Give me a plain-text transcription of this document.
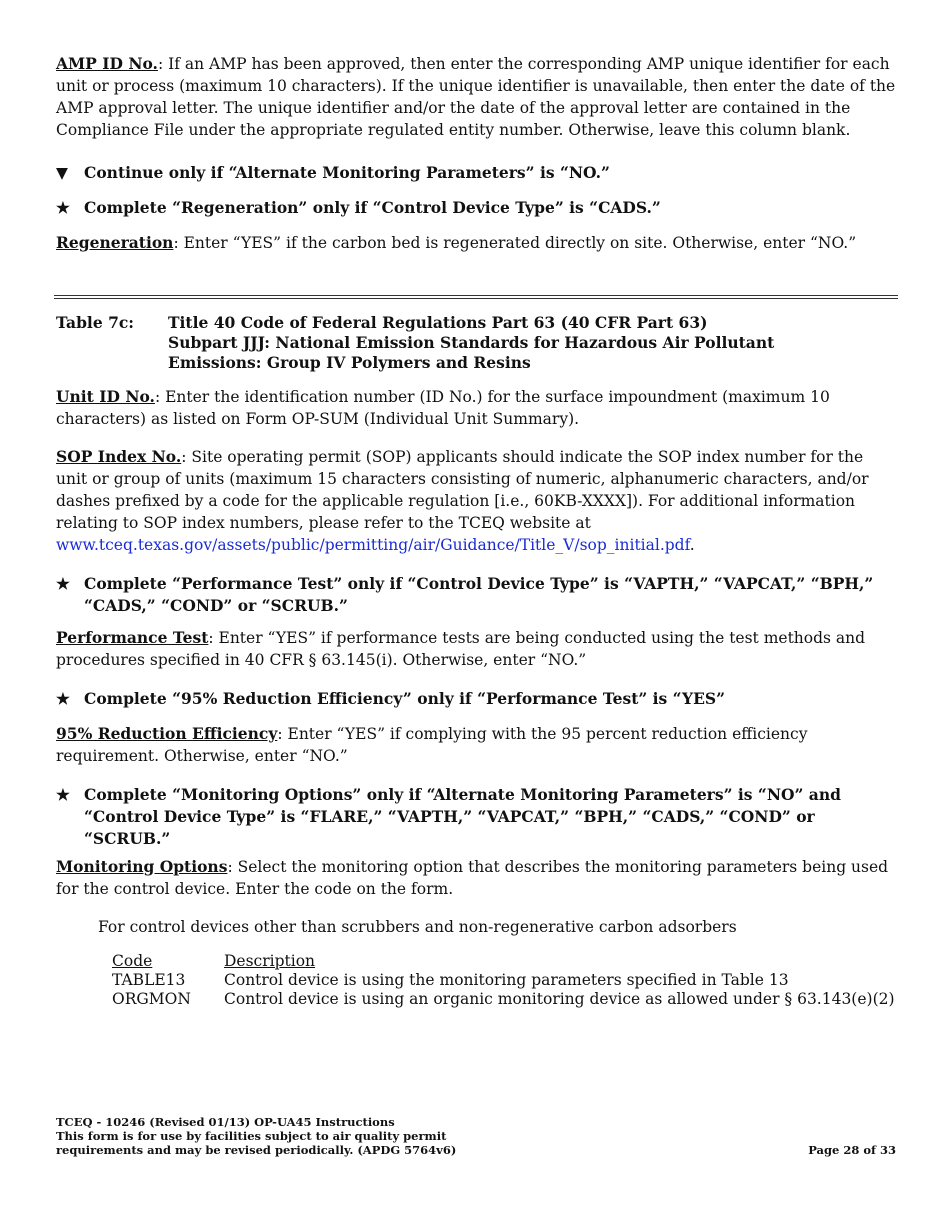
AMP ID No.: If an AMP has been approved, then enter the corresponding AMP unique identifier for each unit or process (maximum 10 characters). If the unique identifier is unavailable, then enter the date of the AMP approval letter. The unique identifier and/or the date of the approval letter are contained in the Compliance File under the appropriate regulated entity number. Otherwise, leave this column blank.

▼	Continue only if “Alternate Monitoring Parameters” is “NO.”
★ Complete “Regeneration” only if “Control Device Type” is “CADS.”

Regeneration: Enter “YES” if the carbon bed is regenerated directly on site. Otherwise, enter “NO.”

Table 7c: Title 40 Code of Federal Regulations Part 63 (40 CFR Part 63)
Subpart JJJ: National Emission Standards for Hazardous Air Pollutant
Emissions: Group IV Polymers and Resins

Unit ID No.: Enter the identification number (ID No.) for the surface impoundment (maximum 10 characters) as listed on Form OP-SUM (Individual Unit Summary).

SOP Index No.: Site operating permit (SOP) applicants should indicate the SOP index number for the unit or group of units (maximum 15 characters consisting of numeric, alphanumeric characters, and/or dashes prefixed by a code for the applicable regulation [i.e., 60KB-XXXX]). For additional information relating to SOP index numbers, please refer to the TCEQ website at www.tceq.texas.gov/assets/public/permitting/air/Guidance/Title_V/sop_initial.pdf.

★ Complete “Performance Test” only if “Control Device Type” is “VAPTH,” “VAPCAT,” “BPH,” “CADS,” “COND” or “SCRUB.”

Performance Test: Enter “YES” if performance tests are being conducted using the test methods and procedures specified in 40 CFR § 63.145(i). Otherwise, enter “NO.”

★ Complete “95% Reduction Efficiency” only if “Performance Test” is “YES”

95% Reduction Efficiency: Enter “YES” if complying with the 95 percent reduction efficiency requirement. Otherwise, enter “NO.”

★ Complete “Monitoring Options” only if “Alternate Monitoring Parameters” is “NO” and “Control Device Type” is “FLARE,” “VAPTH,” “VAPCAT,” “BPH,” “CADS,” “COND” or “SCRUB.”

Monitoring Options: Select the monitoring option that describes the monitoring parameters being used for the control device. Enter the code on the form.

For control devices other than scrubbers and non-regenerative carbon adsorbers

Code	Description
TABLE13	Control device is using the monitoring parameters specified in Table 13
ORGMON	Control device is using an organic monitoring device as allowed under § 63.143(e)(2)
TCEQ - 10246 (Revised 01/13) OP-UA45 Instructions
This form is for use by facilities subject to air quality permit
requirements and may be revised periodically. (APDG 5764v6)	Page 28 of 33
